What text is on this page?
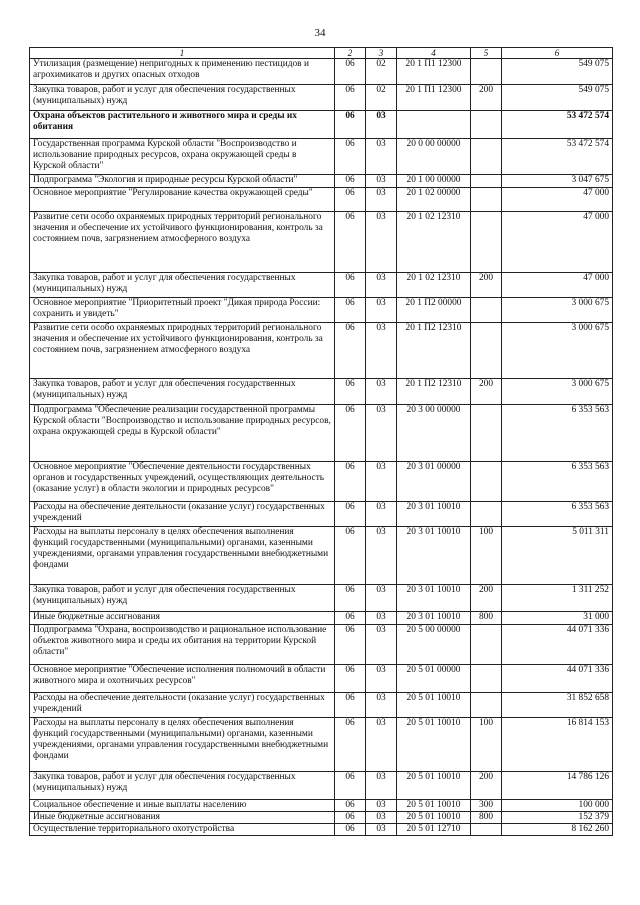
34
1	2	3	4	5	6
Утилизация (размещение) непригодных к применению пестицидов и агрохимикатов и других опасных отходов	06	02	20 1 П1 12300		549 075
Закупка товаров, работ и услуг для обеспечения государственных (муниципальных) нужд	06	02	20 1 П1 12300	200	549 075
Охрана объектов растительного и животного мира и среды их обитания	06	03			53 472 574
Государственная программа Курской области "Воспроизводство и использование природных ресурсов, охрана окружающей среды в Курской области"	06	03	20 0 00 00000		53 472 574
Подпрограмма "Экология и природные ресурсы Курской области"	06	03	20 1 00 00000		3 047 675
Основное мероприятие "Регулирование качества окружающей среды"	06	03	20 1 02 00000		47 000
Развитие сети особо охраняемых природных территорий регионального значения и обеспечение их устойчивого функционирования, контроль за состоянием почв, загрязнением атмосферного воздуха	06	03	20 1 02 12310		47 000
Закупка товаров, работ и услуг для обеспечения государственных (муниципальных) нужд	06	03	20 1 02 12310	200	47 000
Основное мероприятие "Приоритетный проект "Дикая природа России: сохранить и увидеть"	06	03	20 1 П2 00000		3 000 675
Развитие сети особо охраняемых природных территорий регионального значения и обеспечение их устойчивого функционирования, контроль за состоянием почв, загрязнением атмосферного воздуха	06	03	20 1 П2 12310		3 000 675
Закупка товаров, работ и услуг для обеспечения государственных (муниципальных) нужд	06	03	20 1 П2 12310	200	3 000 675
Подпрограмма "Обеспечение реализации государственной программы Курской области "Воспроизводство и использование природных ресурсов, охрана окружающей среды в Курской области"	06	03	20 3 00 00000		6 353 563
Основное мероприятие "Обеспечение деятельности государственных органов и государственных учреждений, осуществляющих деятельность (оказание услуг) в области экологии и природных ресурсов"	06	03	20 3 01 00000		6 353 563
Расходы на обеспечение деятельности (оказание услуг) государственных учреждений	06	03	20 3 01 10010		6 353 563
Расходы на выплаты персоналу в целях обеспечения выполнения функций государственными (муниципальными) органами, казенными учреждениями, органами управления государственными внебюджетными фондами	06	03	20 3 01 10010	100	5 011 311
Закупка товаров, работ и услуг для обеспечения государственных (муниципальных) нужд	06	03	20 3 01 10010	200	1 311 252
Иные бюджетные ассигнования	06	03	20 3 01 10010	800	31 000
Подпрограмма "Охрана, воспроизводство и рациональное использование объектов животного мира и среды их обитания на территории Курской области"	06	03	20 5 00 00000		44 071 336
Основное мероприятие "Обеспечение исполнения полномочий в области животного мира и охотничьих ресурсов"	06	03	20 5 01 00000		44 071 336
Расходы на обеспечение деятельности (оказание услуг) государственных учреждений	06	03	20 5 01 10010		31 852 658
Расходы на выплаты персоналу в целях обеспечения выполнения функций государственными (муниципальными) органами, казенными учреждениями, органами управления государственными внебюджетными фондами	06	03	20 5 01 10010	100	16 814 153
Закупка товаров, работ и услуг для обеспечения государственных (муниципальных) нужд	06	03	20 5 01 10010	200	14 786 126
Социальное обеспечение и иные выплаты населению	06	03	20 5 01 10010	300	100 000
Иные бюджетные ассигнования	06	03	20 5 01 10010	800	152 379
Осуществление территориального охотустройства	06	03	20 5 01 12710		8 162 260
